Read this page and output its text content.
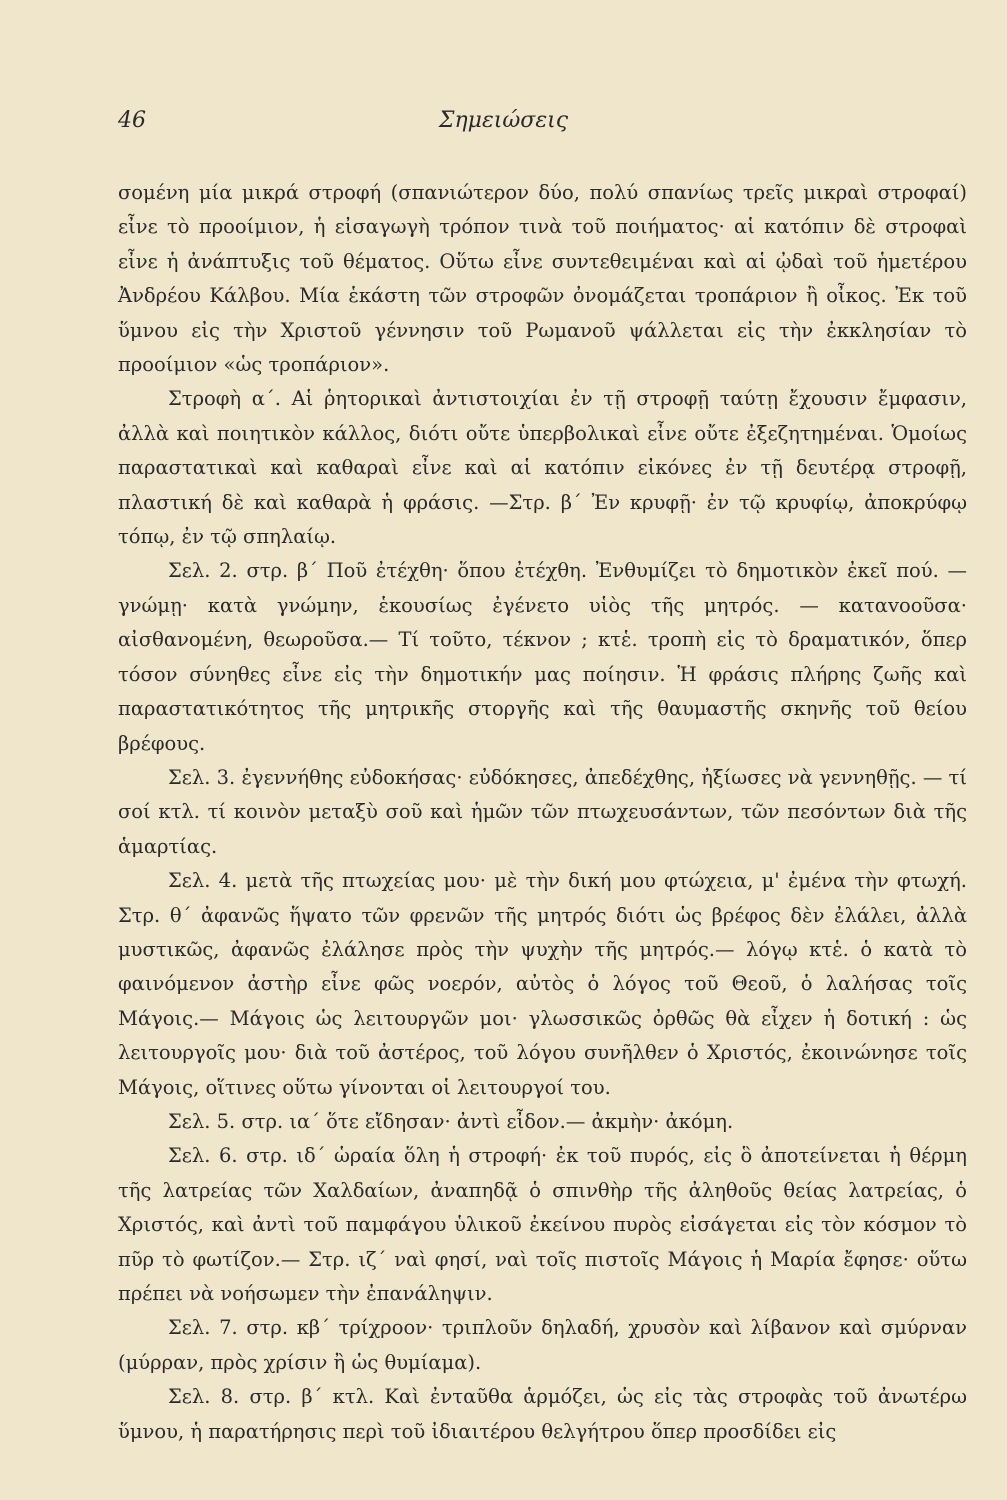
46	Σημειώσεις

σομένη μία μικρά στροφή (σπανιώτερον δύο, πολύ σπανίως τρεῖς μικραὶ στροφαί) εἶνε τὸ προοίμιον, ἡ εἰσαγωγὴ τρόπον τινὰ τοῦ ποιήματος· αἱ κατόπιν δὲ στροφαὶ εἶνε ἡ ἀνάπτυξις τοῦ θέματος. Οὕτω εἶνε συντεθειμέναι καὶ αἱ ᾠδαὶ τοῦ ἡμετέρου Ἀνδρέου Κάλβου. Μία ἑκάστη τῶν στροφῶν ὀνομάζεται τροπάριον ἢ οἶκος. Ἐκ τοῦ ὕμνου εἰς τὴν Χριστοῦ γέννησιν τοῦ Ρωμανοῦ ψάλλεται εἰς τὴν ἐκκλησίαν τὸ προοίμιον «ὡς τροπάριον».

Στροφὴ α΄. Αἱ ῥητορικαὶ ἀντιστοιχίαι ἐν τῇ στροφῇ ταύτῃ ἔχουσιν ἔμφασιν, ἀλλὰ καὶ ποιητικὸν κάλλος, διότι οὔτε ὑπερβολικαὶ εἶνε οὔτε ἐξεζητημέναι. Ὁμοίως παραστατικαὶ καὶ καθαραὶ εἶνε καὶ αἱ κατόπιν εἰκόνες ἐν τῇ δευτέρᾳ στροφῇ, πλαστική δὲ καὶ καθαρὰ ἡ φράσις. —Στρ. β΄ Ἐν κρυφῇ· ἐν τῷ κρυφίῳ, ἀποκρύφῳ τόπῳ, ἐν τῷ σπηλαίῳ.

Σελ. 2. στρ. β΄ Ποῦ ἐτέχθη· ὅπου ἐτέχθη. Ἐνθυμίζει τὸ δημοτικὸν ἐκεῖ πού. — γνώμῃ· κατὰ γνώμην, ἑκουσίως ἐγένετο υἱὸς τῆς μητρός. — καταvooῦσα· αἰσθανομένη, θεωροῦσα.— Τί τοῦτο, τέκνον ; κτἑ. τροπὴ εἰς τὸ δραματικόν, ὅπερ τόσον σύνηθες εἶνε εἰς τὴν δημοτικήν μας ποίησιν. Ἡ φράσις πλήρης ζωῆς καὶ παραστατικότητος τῆς μητρικῆς στοργῆς καὶ τῆς θαυμαστῆς σκηνῆς τοῦ θείου βρέφους.

Σελ. 3. ἐγεννήθης εὐδοκήσας· εὐδόκησες, ἀπεδέχθης, ἠξίωσες νὰ γεννηθῇς. — τί σοί κτλ. τί κοινὸν μεταξὺ σοῦ καὶ ἡμῶν τῶν πτωχευσάντων, τῶν πεσόντων διὰ τῆς ἁμαρτίας.

Σελ. 4. μετὰ τῆς πτωχείας μου· μὲ τὴν δική μου φτώχεια, μ' ἐμένα τὴν φτωχή. Στρ. θ΄ ἀφανῶς ἥψατο τῶν φρενῶν τῆς μητρός διότι ὡς βρέφος δὲν ἐλάλει, ἀλλὰ μυστικῶς, ἀφανῶς ἐλάλησε πρὸς τὴν ψυχὴν τῆς μητρός.— λόγῳ κτἑ. ὁ κατὰ τὸ φαινόμενον ἀστὴρ εἶνε φῶς νοερόν, αὐτὸς ὁ λόγος τοῦ Θεοῦ, ὁ λαλήσας τοῖς Μάγοις.— Μάγοις ὡς λειτουργῶν μοι· γλωσσικῶς ὀρθῶς θὰ εἶχεν ἡ δοτική : ὡς λειτουργοῖς μου· διὰ τοῦ ἀστέρος, τοῦ λόγου συνῆλθεν ὁ Χριστός, ἐκοινώνησε τοῖς Μάγοις, οἵτινες οὕτω γίνονται οἱ λειτουργοί του.

Σελ. 5. στρ. ια΄ ὅτε εἴδησαν· ἀντὶ εἶδον.— ἀκμὴν· ἀκόμη.

Σελ. 6. στρ. ιδ΄ ὡραία ὅλη ἡ στροφή· ἐκ τοῦ πυρός, εἰς ὃ ἀποτείνεται ἡ θέρμη τῆς λατρείας τῶν Χαλδαίων, ἀναπηδᾷ ὁ σπινθὴρ τῆς ἀληθοῦς θείας λατρείας, ὁ Χριστός, καὶ ἀντὶ τοῦ παμφάγου ὑλικοῦ ἐκείνου πυρὸς εἰσάγεται εἰς τὸν κόσμον τὸ πῦρ τὸ φωτίζον.— Στρ. ιζ΄ ναὶ φησί, ναὶ τοῖς πιστοῖς Μάγοις ἡ Μαρία ἔφησε· οὕτω πρέπει νὰ νοήσωμεν τὴν ἐπανάληψιν.

Σελ. 7. στρ. κβ΄ τρίχροον· τριπλοῦν δηλαδή, χρυσὸν καὶ λίβανον καὶ σμύρναν (μύρραν, πρὸς χρίσιν ἢ ὡς θυμίαμα).

Σελ. 8. στρ. β΄ κτλ. Καὶ ἐνταῦθα ἁρμόζει, ὡς εἰς τὰς στροφὰς τοῦ ἀνωτέρω ὕμνου, ἡ παρατήρησις περὶ τοῦ ἰδιαιτέρου θελγήτρου ὅπερ προσδίδει εἰς
